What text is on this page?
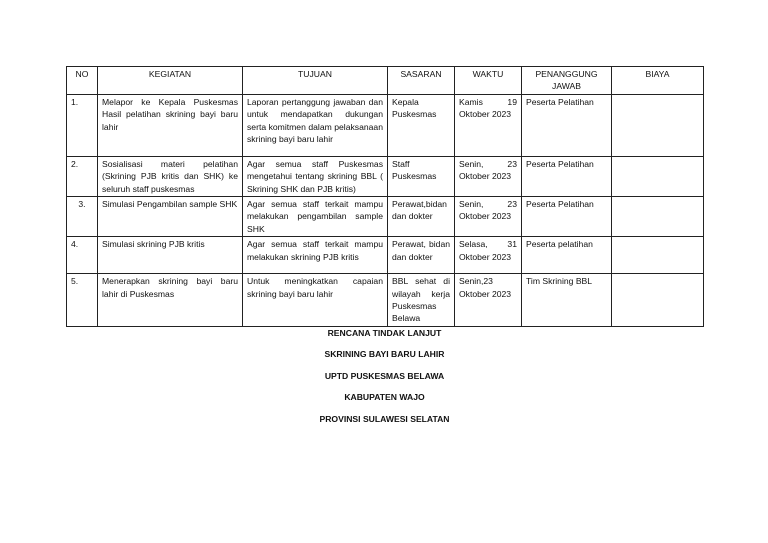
NO	KEGIATAN	TUJUAN	SASARAN	WAKTU	PENANGGUNG JAWAB	BIAYA
1.	Melapor ke Kepala Puskesmas Hasil pelatihan skrining bayi baru lahir	Laporan pertanggung jawaban dan untuk mendapatkan dukungan serta komitmen dalam pelaksanaan skrining bayi baru lahir	Kepala Puskesmas	Kamis 19 Oktober 2023	Peserta Pelatihan	
2.	Sosialisasi materi pelatihan (Skrining PJB kritis dan SHK) ke seluruh staff puskesmas	Agar semua staff Puskesmas mengetahui tentang skrining BBL ( Skrining SHK dan PJB kritis)	Staff Puskesmas	Senin, 23 Oktober 2023	Peserta Pelatihan	
3.	Simulasi Pengambilan sample SHK	Agar semua staff terkait mampu melakukan pengambilan sample SHK	Perawat,bidan dan dokter	Senin, 23 Oktober 2023	Peserta Pelatihan	
4.	Simulasi skrining PJB kritis	Agar semua staff terkait mampu melakukan skrining PJB kritis	Perawat, bidan dan dokter	Selasa, 31 Oktober 2023	Peserta pelatihan	
5.	Menerapkan skrining bayi baru lahir di Puskesmas	Untuk meningkatkan capaian skrining bayi baru lahir	BBL sehat di wilayah kerja Puskesmas Belawa	Senin,23 Oktober 2023	Tim Skrining BBL	
RENCANA TINDAK LANJUT
SKRINING BAYI BARU LAHIR
UPTD PUSKESMAS BELAWA
KABUPATEN WAJO
PROVINSI SULAWESI SELATAN
